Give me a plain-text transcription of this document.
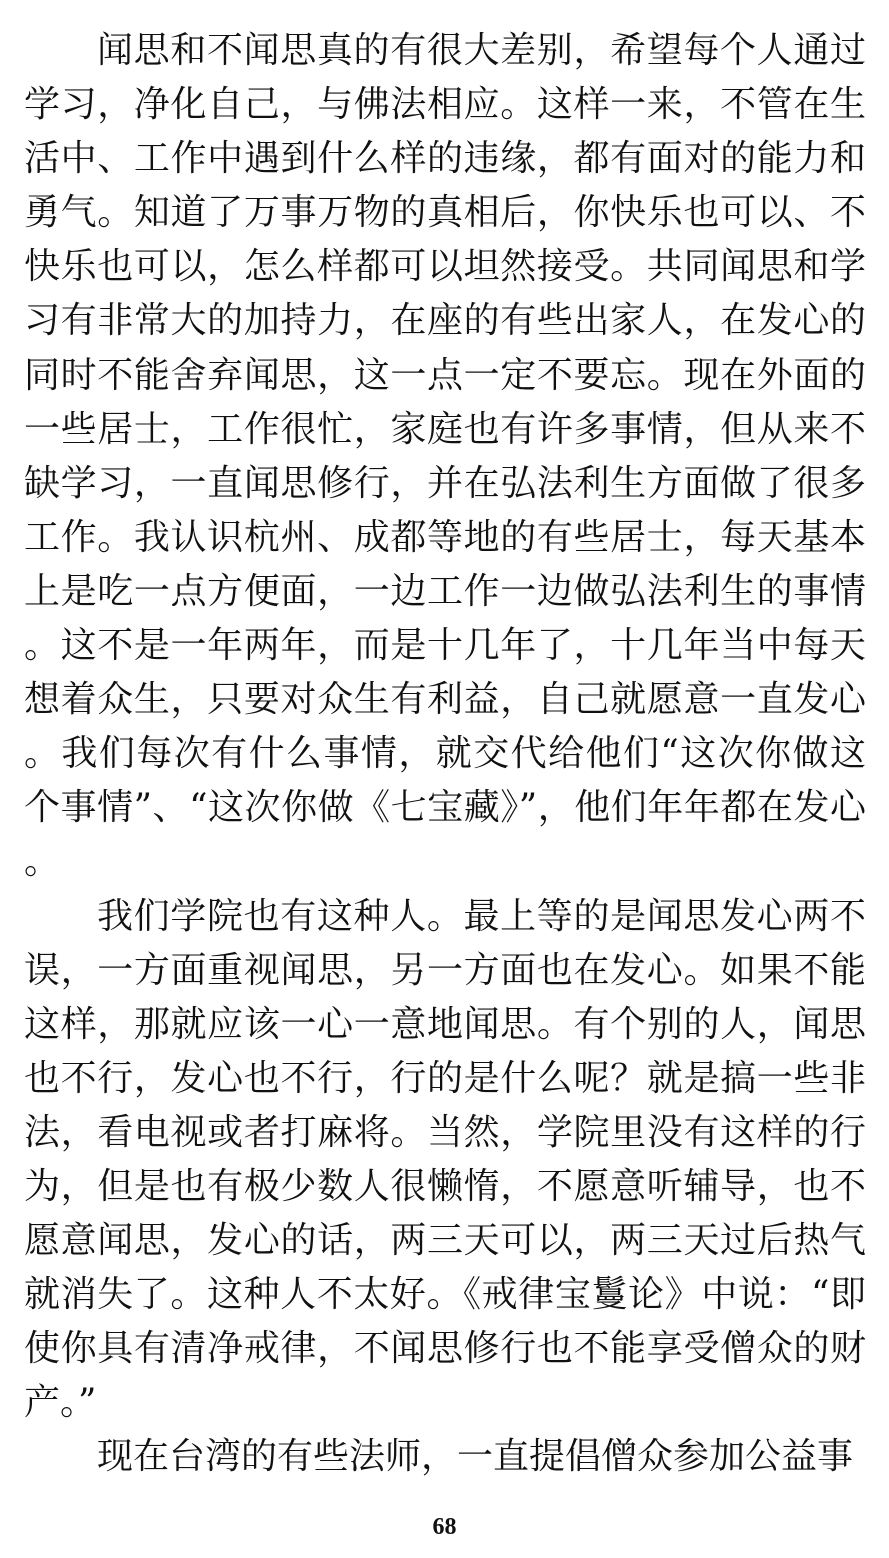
闻思和不闻思真的有很大差别，希望每个人通过学习，净化自己，与佛法相应。这样一来，不管在生活中、工作中遇到什么样的违缘，都有面对的能力和勇气。知道了万事万物的真相后，你快乐也可以、不快乐也可以，怎么样都可以坦然接受。共同闻思和学习有非常大的加持力，在座的有些出家人，在发心的同时不能舍弃闻思，这一点一定不要忘。现在外面的一些居士，工作很忙，家庭也有许多事情，但从来不缺学习，一直闻思修行，并在弘法利生方面做了很多工作。我认识杭州、成都等地的有些居士，每天基本上是吃一点方便面，一边工作一边做弘法利生的事情。这不是一年两年，而是十几年了，十几年当中每天想着众生，只要对众生有利益，自己就愿意一直发心。我们每次有什么事情，就交代给他们“这次你做这个事情”、“这次你做《七宝藏》”，他们年年都在发心。

我们学院也有这种人。最上等的是闻思发心两不误，一方面重视闻思，另一方面也在发心。如果不能这样，那就应该一心一意地闻思。有个别的人，闻思也不行，发心也不行，行的是什么呢？就是搞一些非法，看电视或者打麻将。当然，学院里没有这样的行为，但是也有极少数人很懒惰，不愿意听辅导，也不愿意闻思，发心的话，两三天可以，两三天过后热气就消失了。这种人不太好。《戒律宝鬘论》中说：“即使你具有清净戒律，不闻思修行也不能享受僧众的财产。”

现在台湾的有些法师，一直提倡僧众参加公益事

68
